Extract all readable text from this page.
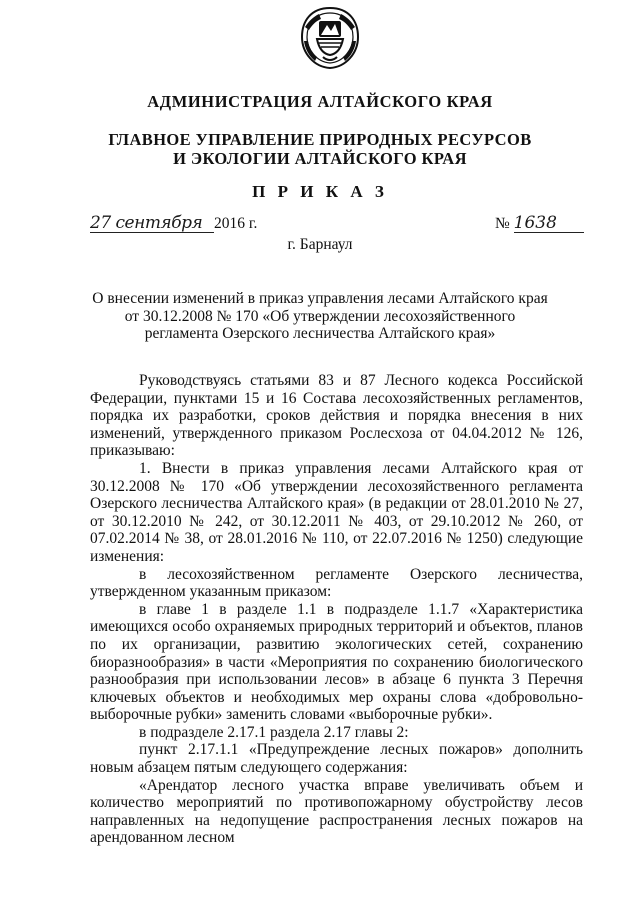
АДМИНИСТРАЦИЯ АЛТАЙСКОГО КРАЯ
ГЛАВНОЕ УПРАВЛЕНИЕ ПРИРОДНЫХ РЕСУРСОВ
И ЭКОЛОГИИ АЛТАЙСКОГО КРАЯ
П Р И К А З
27 сентября 2016 г.	№ 1638
г. Барнаул
О внесении изменений в приказ управления лесами Алтайского края
от 30.12.2008 № 170 «Об утверждении лесохозяйственного
регламента Озерского лесничества Алтайского края»

Руководствуясь статьями 83 и 87 Лесного кодекса Российской Федерации, пунктами 15 и 16 Состава лесохозяйственных регламентов, порядка их разработки, сроков действия и порядка внесения в них изменений, утвержденного приказом Рослесхоза от 04.04.2012 № 126, приказываю:

1. Внести в приказ управления лесами Алтайского края от 30.12.2008 № 170 «Об утверждении лесохозяйственного регламента Озерского лесничества Алтайского края» (в редакции от 28.01.2010 № 27, от 30.12.2010 № 242, от 30.12.2011 № 403, от 29.10.2012 № 260, от 07.02.2014 № 38, от 28.01.2016 № 110, от 22.07.2016 № 1250) следующие изменения:

в лесохозяйственном регламенте Озерского лесничества, утвержденном указанным приказом:

в главе 1 в разделе 1.1 в подразделе 1.1.7 «Характеристика имеющихся особо охраняемых природных территорий и объектов, планов по их организации, развитию экологических сетей, сохранению биоразнообразия» в части «Мероприятия по сохранению биологического разнообразия при использовании лесов» в абзаце 6 пункта 3 Перечня ключевых объектов и необходимых мер охраны слова «добровольно-выборочные рубки» заменить словами «выборочные рубки».

в подразделе 2.17.1 раздела 2.17 главы 2:

пункт 2.17.1.1 «Предупреждение лесных пожаров» дополнить новым абзацем пятым следующего содержания:

«Арендатор лесного участка вправе увеличивать объем и количество мероприятий по противопожарному обустройству лесов направленных на недопущение распространения лесных пожаров на арендованном лесном
